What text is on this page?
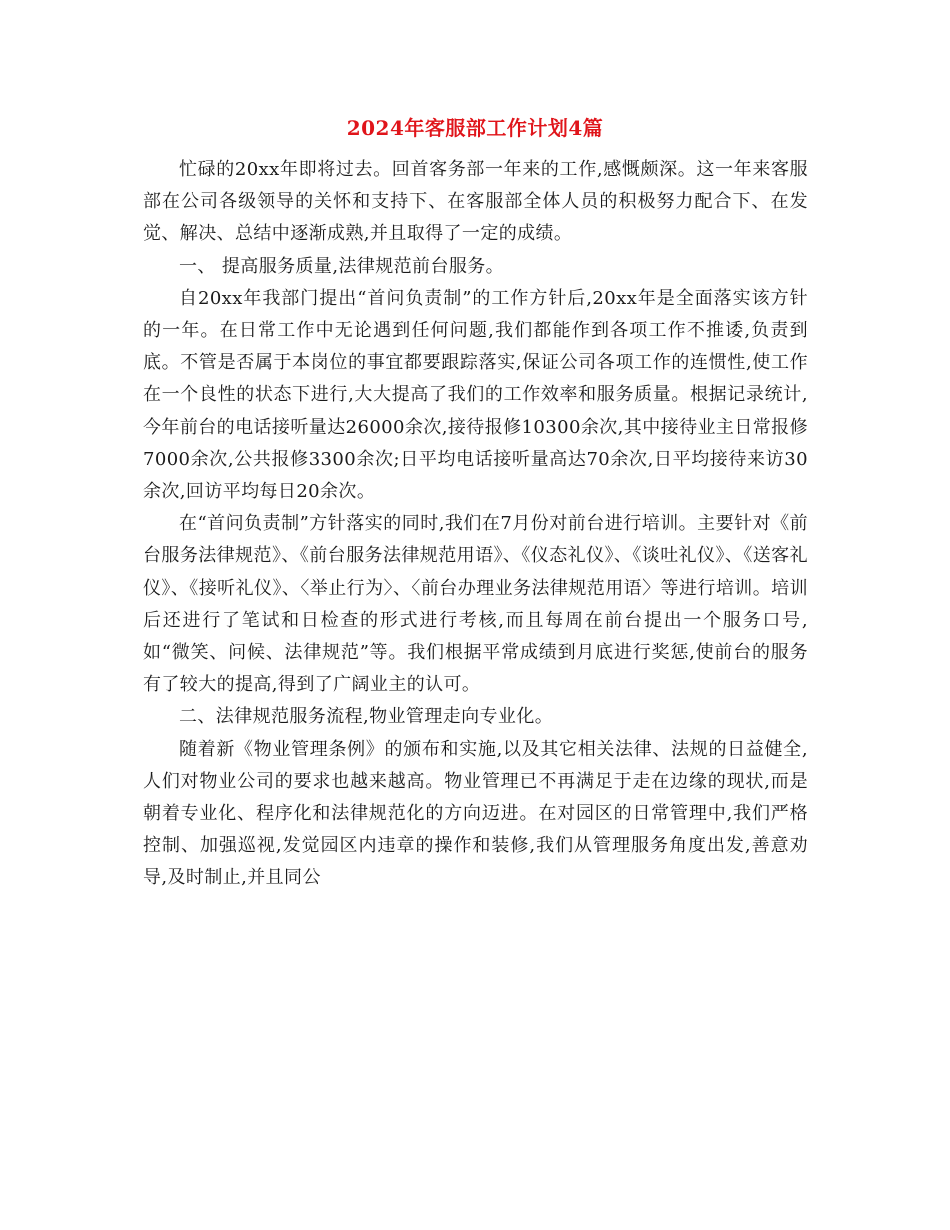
2024年客服部工作计划4篇

忙碌的20xx年即将过去。回首客务部一年来的工作,感慨颇深。这一年来客服部在公司各级领导的关怀和支持下、在客服部全体人员的积极努力配合下、在发觉、解决、总结中逐渐成熟,并且取得了一定的成绩。

一、 提高服务质量,法律规范前台服务。

自20xx年我部门提出“首问负责制”的工作方针后,20xx年是全面落实该方针的一年。在日常工作中无论遇到任何问题,我们都能作到各项工作不推诿,负责到底。不管是否属于本岗位的事宜都要跟踪落实,保证公司各项工作的连惯性,使工作在一个良性的状态下进行,大大提高了我们的工作效率和服务质量。根据记录统计,今年前台的电话接听量达26000余次,接待报修10300余次,其中接待业主日常报修7000余次,公共报修3300余次;日平均电话接听量高达70余次,日平均接待来访30余次,回访平均每日20余次。

在“首问负责制”方针落实的同时,我们在7月份对前台进行培训。主要针对《前台服务法律规范》、《前台服务法律规范用语》、《仪态礼仪》、《谈吐礼仪》、《送客礼仪》、《接听礼仪》、〈举止行为〉、〈前台办理业务法律规范用语〉等进行培训。培训后还进行了笔试和日检查的形式进行考核,而且每周在前台提出一个服务口号,如“微笑、问候、法律规范”等。我们根据平常成绩到月底进行奖惩,使前台的服务有了较大的提高,得到了广阔业主的认可。

二、法律规范服务流程,物业管理走向专业化。

随着新《物业管理条例》的颁布和实施,以及其它相关法律、法规的日益健全,人们对物业公司的要求也越来越高。物业管理已不再满足于走在边缘的现状,而是朝着专业化、程序化和法律规范化的方向迈进。在对园区的日常管理中,我们严格控制、加强巡视,发觉园区内违章的操作和装修,我们从管理服务角度出发,善意劝导,及时制止,并且同公
